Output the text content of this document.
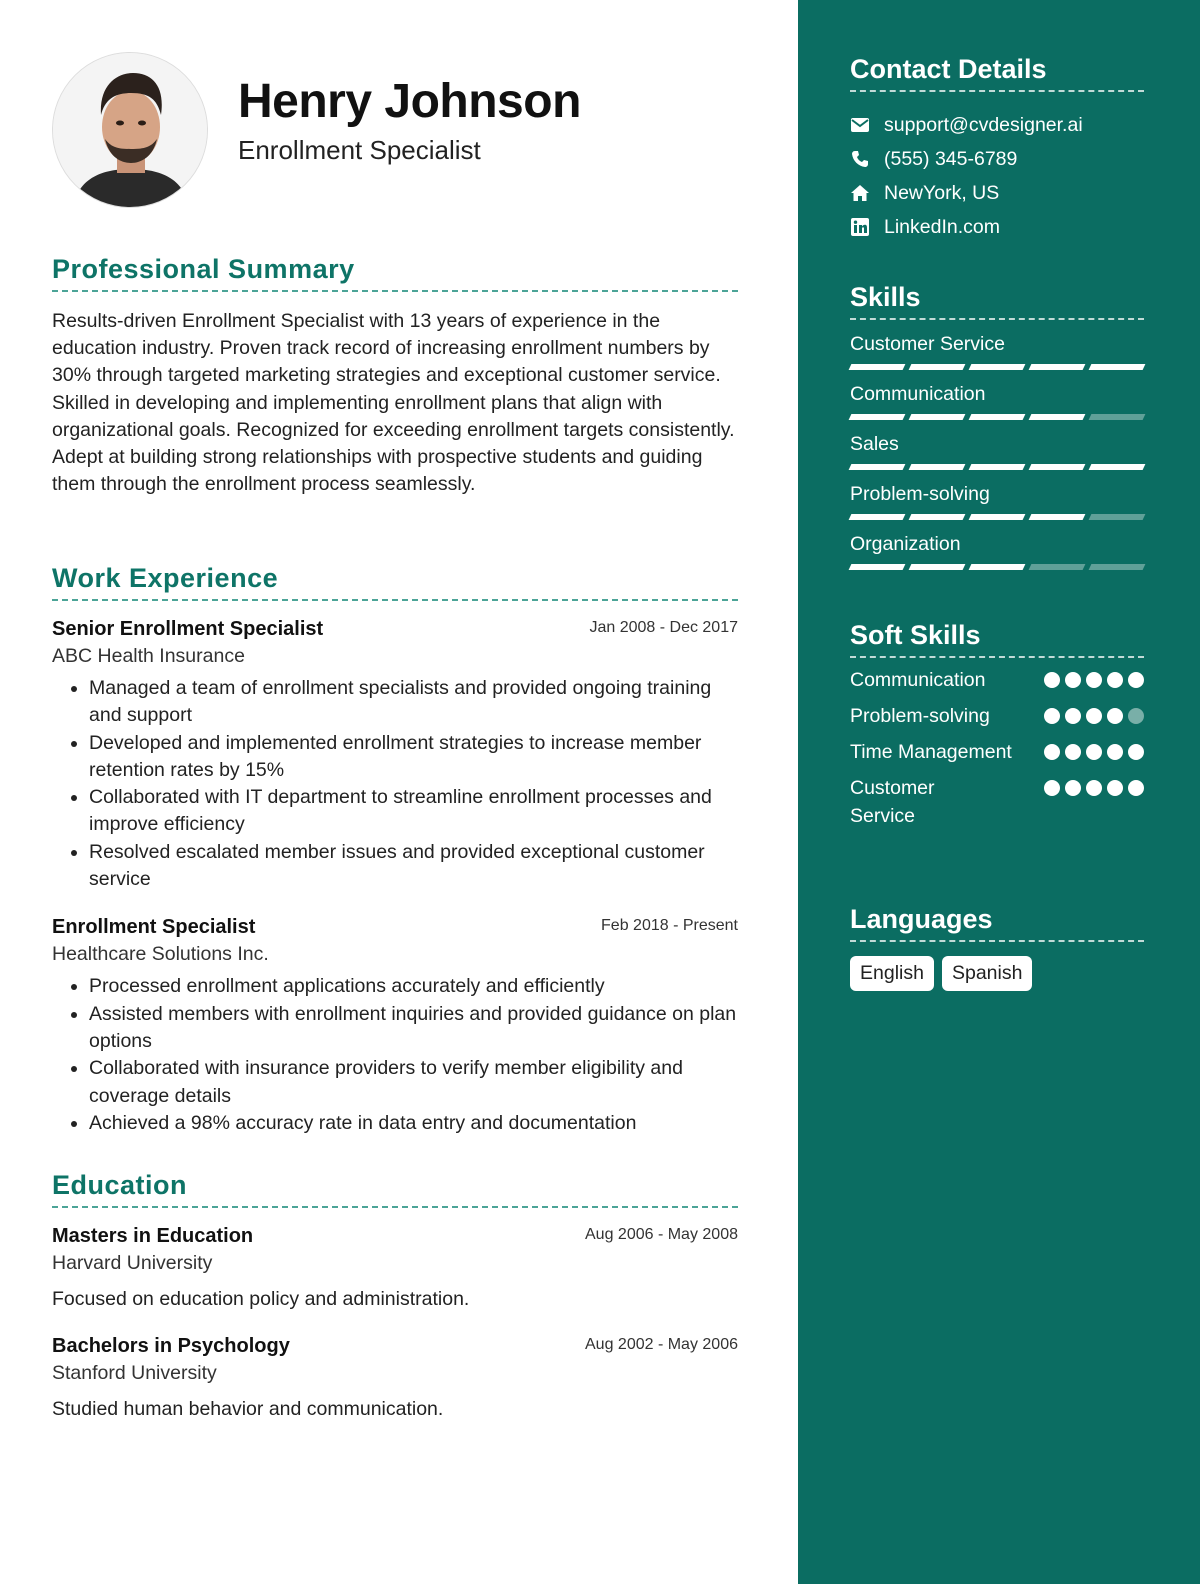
Henry Johnson
Enrollment Specialist
Professional Summary
Results-driven Enrollment Specialist with 13 years of experience in the education industry. Proven track record of increasing enrollment numbers by 30% through targeted marketing strategies and exceptional customer service. Skilled in developing and implementing enrollment plans that align with organizational goals. Recognized for exceeding enrollment targets consistently. Adept at building strong relationships with prospective students and guiding them through the enrollment process seamlessly.
Work Experience
Senior Enrollment Specialist	Jan 2008 - Dec 2017
ABC Health Insurance
• Managed a team of enrollment specialists and provided ongoing training and support
• Developed and implemented enrollment strategies to increase member retention rates by 15%
• Collaborated with IT department to streamline enrollment processes and improve efficiency
• Resolved escalated member issues and provided exceptional customer service
Enrollment Specialist	Feb 2018 - Present
Healthcare Solutions Inc.
• Processed enrollment applications accurately and efficiently
• Assisted members with enrollment inquiries and provided guidance on plan options
• Collaborated with insurance providers to verify member eligibility and coverage details
• Achieved a 98% accuracy rate in data entry and documentation
Education
Masters in Education	Aug 2006 - May 2008
Harvard University
Focused on education policy and administration.
Bachelors in Psychology	Aug 2002 - May 2006
Stanford University
Studied human behavior and communication.
Contact Details
support@cvdesigner.ai
(555) 345-6789
NewYork, US
LinkedIn.com
Skills
Customer Service
Communication
Sales
Problem-solving
Organization
Soft Skills
Communication
Problem-solving
Time Management
Customer Service
Languages
English	Spanish
